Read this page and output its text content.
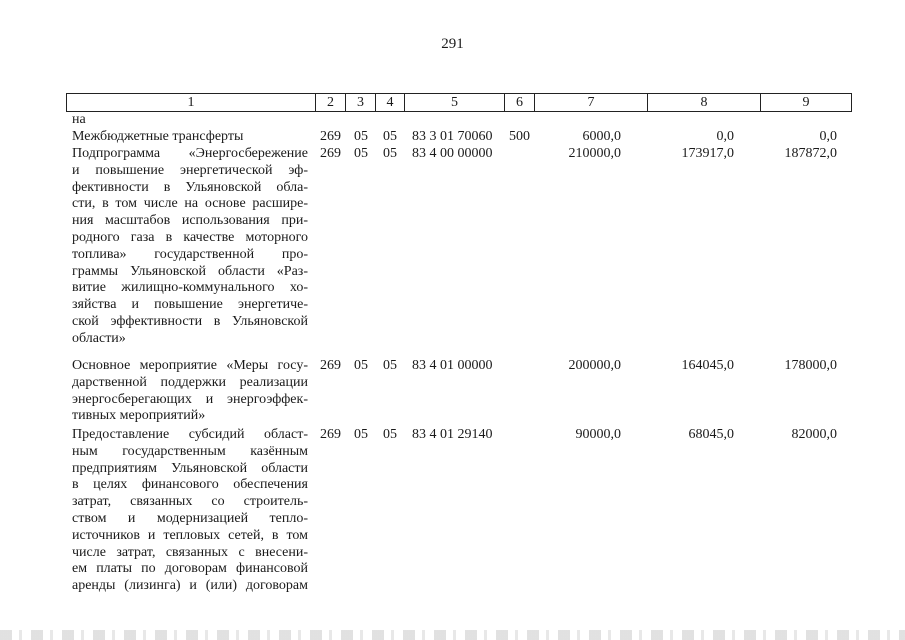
291
1	2	3	4	5	6	7	8	9
на
Межбюджетные трансферты	269 05 05 83 3 01 70060 500	6000,0	0,0	0,0
Подпрограмма «Энергосбережение
и повышение энергетической эф-
фективности в Ульяновской обла-
сти, в том числе на основе расшире-
ния масштабов использования при-
родного газа в качестве моторного
топлива» государственной про-
граммы Ульяновской области «Раз-
витие жилищно-коммунального хо-
зяйства и повышение энергетиче-
ской эффективности в Ульяновской
области»
269 05 05 83 4 00 00000	210000,0	173917,0	187872,0
Основное мероприятие «Меры госу-
дарственной поддержки реализации
энергосберегающих и энергоэффек-
тивных мероприятий»
269 05 05 83 4 01 00000	200000,0	164045,0	178000,0
Предоставление субсидий област-
ным государственным казённым
предприятиям Ульяновской области
в целях финансового обеспечения
затрат, связанных со строитель-
ством и модернизацией тепло-
источников и тепловых сетей, в том
числе затрат, связанных с внесени-
ем платы по договорам финансовой
аренды (лизинга) и (или) договорам
269 05 05 83 4 01 29140	90000,0	68045,0	82000,0
